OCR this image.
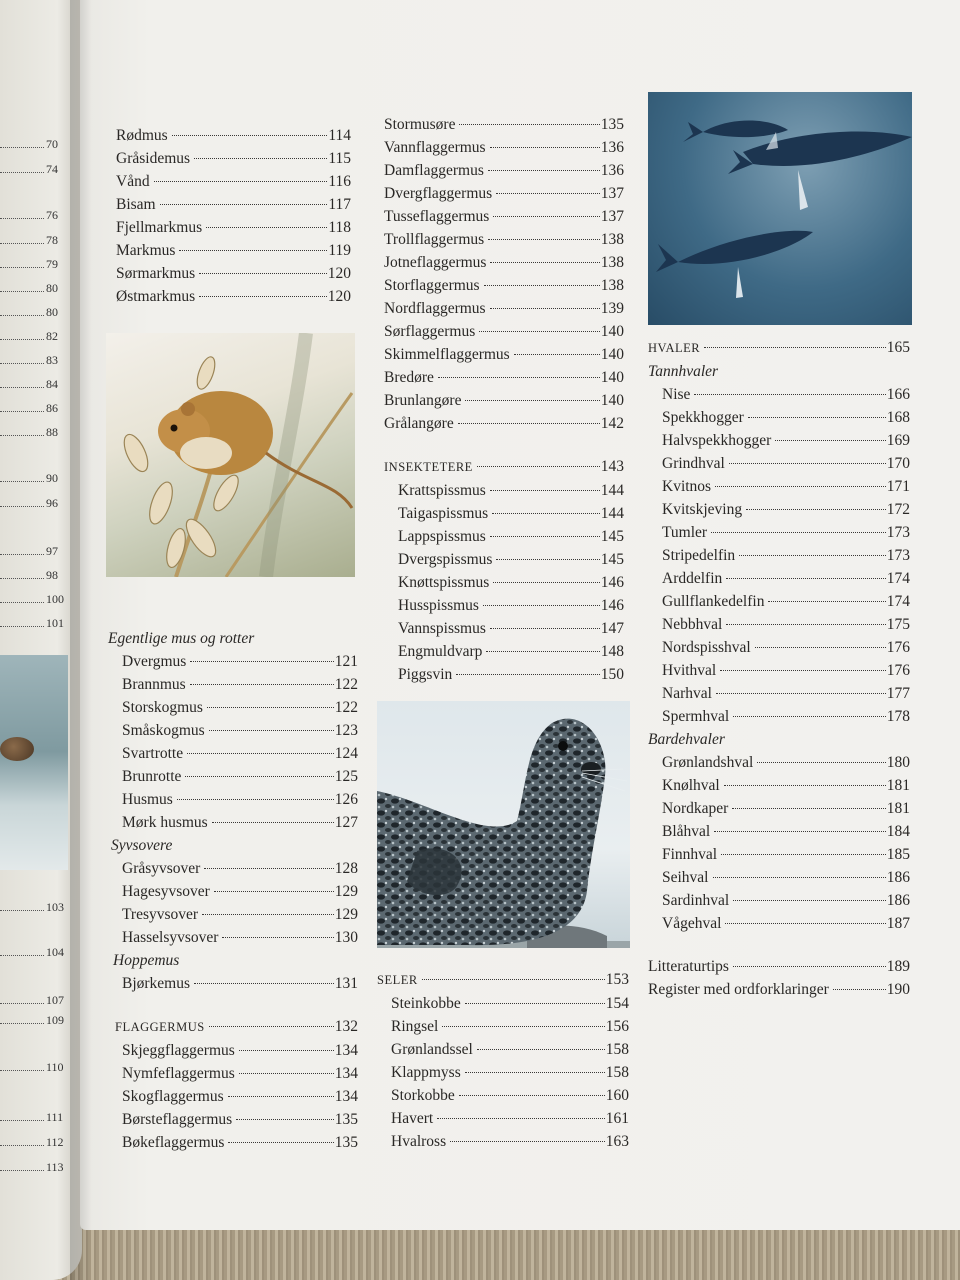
70
74
76
78
79
80
80
82
83
84
86
88
90
96
97
98
100
101
103
104
107
109
110
111
112
113
Rødmus	114
Gråsidemus	115
Vånd	116
Bisam	117
Fjellmarkmus	118
Markmus	119
Sørmarkmus	120
Østmarkmus	120
Egentlige mus og rotter
Dvergmus	121
Brannmus	122
Storskogmus	122
Småskogmus	123
Svartrotte	124
Brunrotte	125
Husmus	126
Mørk husmus	127
Syvsovere
Gråsyvsover	128
Hagesyvsover	129
Tresyvsover	129
Hasselsyvsover	130
Hoppemus
Bjørkemus	131
FLAGGERMUS	132
Skjeggflaggermus	134
Nymfeflaggermus	134
Skogflaggermus	134
Børsteflaggermus	135
Bøkeflaggermus	135
Stormusøre	135
Vannflaggermus	136
Damflaggermus	136
Dvergflaggermus	137
Tusseflaggermus	137
Trollflaggermus	138
Jotneflaggermus	138
Storflaggermus	138
Nordflaggermus	139
Sørflaggermus	140
Skimmelflaggermus	140
Bredøre	140
Brunlangøre	140
Grålangøre	142
INSEKTETERE	143
Krattspissmus	144
Taigaspissmus	144
Lappspissmus	145
Dvergspissmus	145
Knøttspissmus	146
Husspissmus	146
Vannspissmus	147
Engmuldvarp	148
Piggsvin	150
SELER	153
Steinkobbe	154
Ringsel	156
Grønlandssel	158
Klappmyss	158
Storkobbe	160
Havert	161
Hvalross	163
HVALER	165
Tannhvaler
Nise	166
Spekkhogger	168
Halvspekkhogger	169
Grindhval	170
Kvitnos	171
Kvitskjeving	172
Tumler	173
Stripedelfin	173
Arddelfin	174
Gullflankedelfin	174
Nebbhval	175
Nordspisshval	176
Hvithval	176
Narhval	177
Spermhval	178
Bardehvaler
Grønlandshval	180
Knølhval	181
Nordkaper	181
Blåhval	184
Finnhval	185
Seihval	186
Sardinhval	186
Vågehval	187
Litteraturtips	189
Register med ordforklaringer	190
